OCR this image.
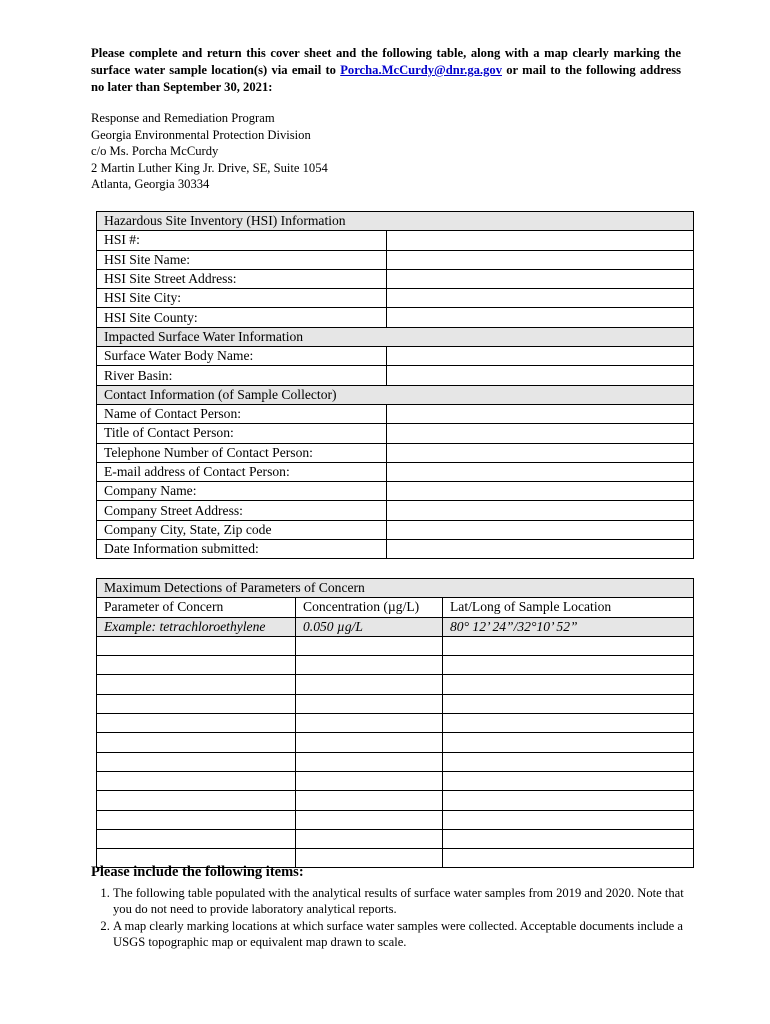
Please complete and return this cover sheet and the following table, along with a map clearly marking the surface water sample location(s) via email to Porcha.McCurdy@dnr.ga.gov or mail to the following address no later than September 30, 2021:

Response and Remediation Program
Georgia Environmental Protection Division
c/o Ms. Porcha McCurdy
2 Martin Luther King Jr. Drive, SE, Suite 1054
Atlanta, Georgia 30334
Hazardous Site Inventory (HSI) Information	
HSI #:	
HSI Site Name:	
HSI Site Street Address:	
HSI Site City:	
HSI Site County:	
Impacted Surface Water Information	
Surface Water Body Name:	
River Basin:	
Contact Information (of Sample Collector)	
Name of Contact Person:	
Title of Contact Person:	
Telephone Number of Contact Person:	
E-mail address of Contact Person:	
Company Name:	
Company Street Address:	
Company City, State, Zip code	
Date Information submitted:	
Maximum Detections of Parameters of Concern		
Parameter of Concern	Concentration (µg/L)	Lat/Long of Sample Location
Example: tetrachloroethylene	0.050 µg/L	80° 12’ 24”/32°10’ 52”

Please include the following items:
1. The following table populated with the analytical results of surface water samples from 2019 and 2020. Note that you do not need to provide laboratory analytical reports.
2. A map clearly marking locations at which surface water samples were collected. Acceptable documents include a USGS topographic map or equivalent map drawn to scale.
